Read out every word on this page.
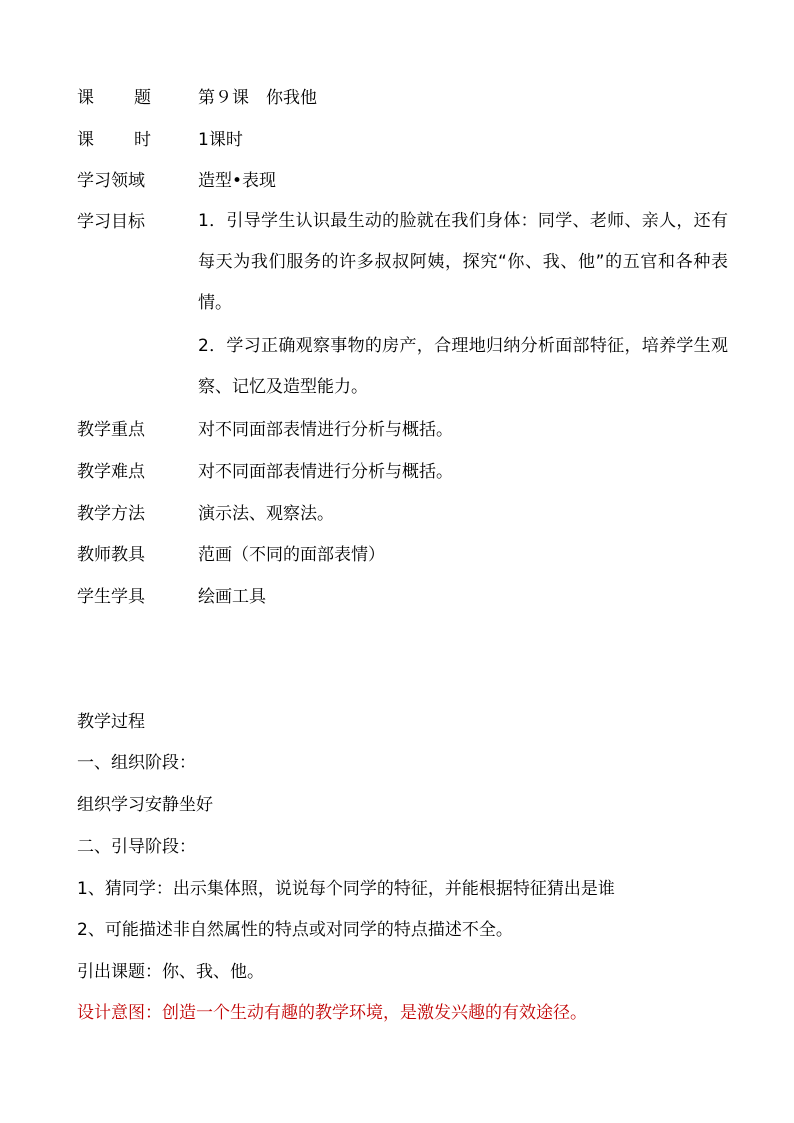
课 题	第９课　你我他
课 时	1课时
学习领域	造型•表现
学习目标	1．引导学生认识最生动的脸就在我们身体：同学、老师、亲人，还有每天为我们服务的许多叔叔阿姨，探究“你、我、他”的五官和各种表情。
2．学习正确观察事物的房产，合理地归纳分析面部特征，培养学生观察、记忆及造型能力。
教学重点	对不同面部表情进行分析与概括。
教学难点	对不同面部表情进行分析与概括。
教学方法	演示法、观察法。
教师教具	范画（不同的面部表情）
学生学具	绘画工具
教学过程
一、组织阶段：
组织学习安静坐好
二、引导阶段：
1、猜同学：出示集体照，说说每个同学的特征，并能根据特征猜出是谁
2、可能描述非自然属性的特点或对同学的特点描述不全。
引出课题：你、我、他。
设计意图：创造一个生动有趣的教学环境，是激发兴趣的有效途径。
